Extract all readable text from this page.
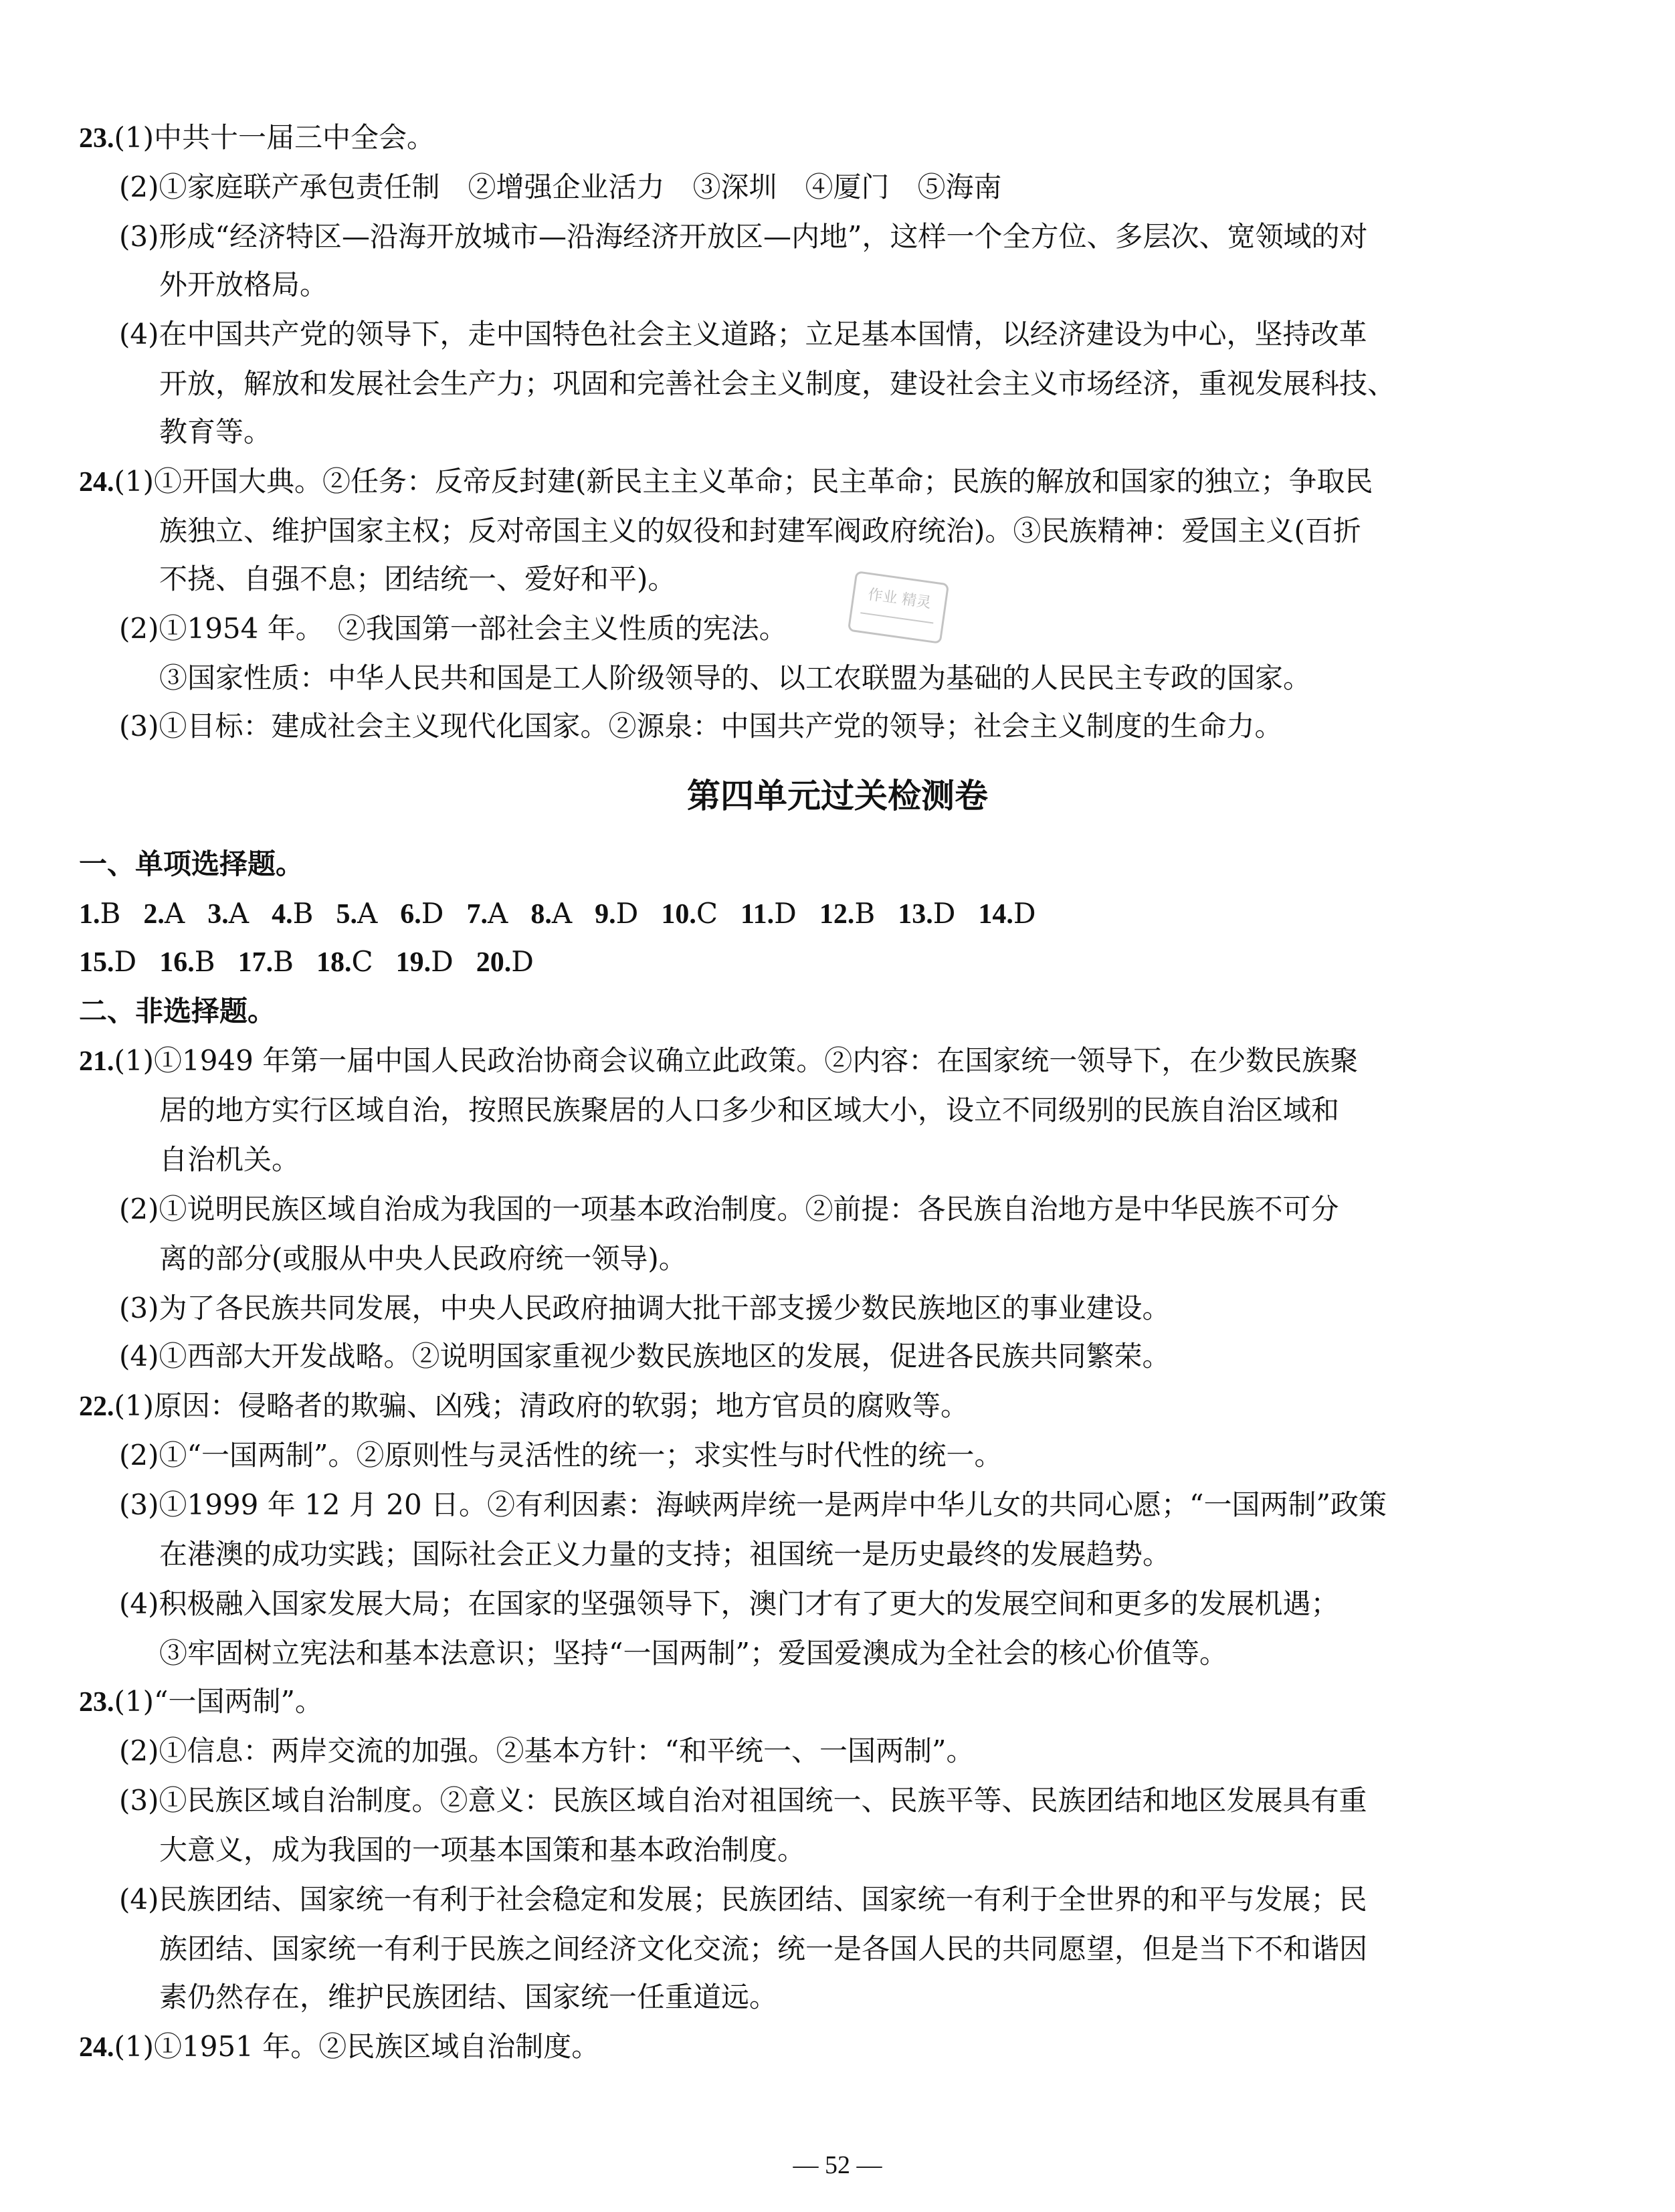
23.(1)中共十一届三中全会。
(2)①家庭联产承包责任制　②增强企业活力　③深圳　④厦门　⑤海南
(3)形成“经济特区—沿海开放城市—沿海经济开放区—内地”，这样一个全方位、多层次、宽领域的对
外开放格局。
(4)在中国共产党的领导下，走中国特色社会主义道路；立足基本国情，以经济建设为中心，坚持改革
开放，解放和发展社会生产力；巩固和完善社会主义制度，建设社会主义市场经济，重视发展科技、
教育等。
24.(1)①开国大典。②任务：反帝反封建(新民主主义革命；民主革命；民族的解放和国家的独立；争取民
族独立、维护国家主权；反对帝国主义的奴役和封建军阀政府统治)。③民族精神：爱国主义(百折
不挠、自强不息；团结统一、爱好和平)。
(2)①1954 年。　②我国第一部社会主义性质的宪法。
③国家性质：中华人民共和国是工人阶级领导的、以工农联盟为基础的人民民主专政的国家。
(3)①目标：建成社会主义现代化国家。②源泉：中国共产党的领导；社会主义制度的生命力。
作业 精灵
第四单元过关检测卷
一、单项选择题。
1.B 2.A 3.A 4.B 5.A 6.D 7.A 8.A 9.D 10.C 11.D 12.B 13.D 14.D
15.D 16.B 17.B 18.C 19.D 20.D
二、非选择题。
21.(1)①1949 年第一届中国人民政治协商会议确立此政策。②内容：在国家统一领导下，在少数民族聚
居的地方实行区域自治，按照民族聚居的人口多少和区域大小，设立不同级别的民族自治区域和
自治机关。
(2)①说明民族区域自治成为我国的一项基本政治制度。②前提：各民族自治地方是中华民族不可分
离的部分(或服从中央人民政府统一领导)。
(3)为了各民族共同发展，中央人民政府抽调大批干部支援少数民族地区的事业建设。
(4)①西部大开发战略。②说明国家重视少数民族地区的发展，促进各民族共同繁荣。
22.(1)原因：侵略者的欺骗、凶残；清政府的软弱；地方官员的腐败等。
(2)①“一国两制”。②原则性与灵活性的统一；求实性与时代性的统一。
(3)①1999 年 12 月 20 日。②有利因素：海峡两岸统一是两岸中华儿女的共同心愿；“一国两制”政策
在港澳的成功实践；国际社会正义力量的支持；祖国统一是历史最终的发展趋势。
(4)积极融入国家发展大局；在国家的坚强领导下，澳门才有了更大的发展空间和更多的发展机遇；
③牢固树立宪法和基本法意识；坚持“一国两制”；爱国爱澳成为全社会的核心价值等。
23.(1)“一国两制”。
(2)①信息：两岸交流的加强。②基本方针：“和平统一、一国两制”。
(3)①民族区域自治制度。②意义：民族区域自治对祖国统一、民族平等、民族团结和地区发展具有重
大意义，成为我国的一项基本国策和基本政治制度。
(4)民族团结、国家统一有利于社会稳定和发展；民族团结、国家统一有利于全世界的和平与发展；民
族团结、国家统一有利于民族之间经济文化交流；统一是各国人民的共同愿望，但是当下不和谐因
素仍然存在，维护民族团结、国家统一任重道远。
24.(1)①1951 年。②民族区域自治制度。
— 52 —
